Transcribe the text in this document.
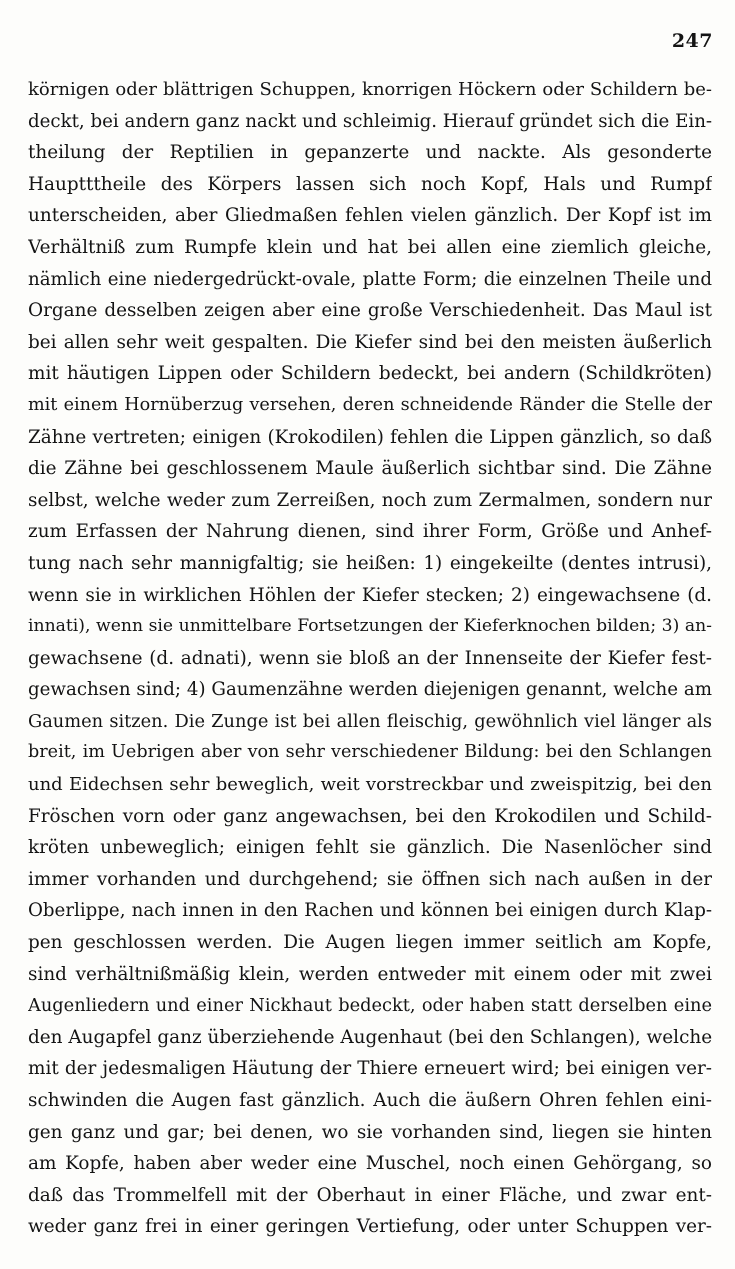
247
körnigen oder blättrigen Schuppen, knorrigen Höckern oder Schildern be-
deckt, bei andern ganz nackt und schleimig. Hierauf gründet sich die Ein-
theilung der Reptilien in gepanzerte und nackte. Als gesonderte
Hauptttheile des Körpers lassen sich noch Kopf, Hals und Rumpf
unterscheiden, aber Gliedmaßen fehlen vielen gänzlich. Der Kopf ist im
Verhältniß zum Rumpfe klein und hat bei allen eine ziemlich gleiche,
nämlich eine niedergedrückt-ovale, platte Form; die einzelnen Theile und
Organe desselben zeigen aber eine große Verschiedenheit. Das Maul ist
bei allen sehr weit gespalten. Die Kiefer sind bei den meisten äußerlich
mit häutigen Lippen oder Schildern bedeckt, bei andern (Schildkröten)
mit einem Hornüberzug versehen, deren schneidende Ränder die Stelle der
Zähne vertreten; einigen (Krokodilen) fehlen die Lippen gänzlich, so daß
die Zähne bei geschlossenem Maule äußerlich sichtbar sind. Die Zähne
selbst, welche weder zum Zerreißen, noch zum Zermalmen, sondern nur
zum Erfassen der Nahrung dienen, sind ihrer Form, Größe und Anhef-
tung nach sehr mannigfaltig; sie heißen: 1) eingekeilte (dentes intrusi),
wenn sie in wirklichen Höhlen der Kiefer stecken; 2) eingewachsene (d.
innati), wenn sie unmittelbare Fortsetzungen der Kieferknochen bilden; 3) an-
gewachsene (d. adnati), wenn sie bloß an der Innenseite der Kiefer fest-
gewachsen sind; 4) Gaumenzähne werden diejenigen genannt, welche am
Gaumen sitzen. Die Zunge ist bei allen fleischig, gewöhnlich viel länger als
breit, im Uebrigen aber von sehr verschiedener Bildung: bei den Schlangen
und Eidechsen sehr beweglich, weit vorstreckbar und zweispitzig, bei den
Fröschen vorn oder ganz angewachsen, bei den Krokodilen und Schild-
kröten unbeweglich; einigen fehlt sie gänzlich. Die Nasenlöcher sind
immer vorhanden und durchgehend; sie öffnen sich nach außen in der
Oberlippe, nach innen in den Rachen und können bei einigen durch Klap-
pen geschlossen werden. Die Augen liegen immer seitlich am Kopfe,
sind verhältnißmäßig klein, werden entweder mit einem oder mit zwei
Augenliedern und einer Nickhaut bedeckt, oder haben statt derselben eine
den Augapfel ganz überziehende Augenhaut (bei den Schlangen), welche
mit der jedesmaligen Häutung der Thiere erneuert wird; bei einigen ver-
schwinden die Augen fast gänzlich. Auch die äußern Ohren fehlen eini-
gen ganz und gar; bei denen, wo sie vorhanden sind, liegen sie hinten
am Kopfe, haben aber weder eine Muschel, noch einen Gehörgang, so
daß das Trommelfell mit der Oberhaut in einer Fläche, und zwar ent-
weder ganz frei in einer geringen Vertiefung, oder unter Schuppen ver-
